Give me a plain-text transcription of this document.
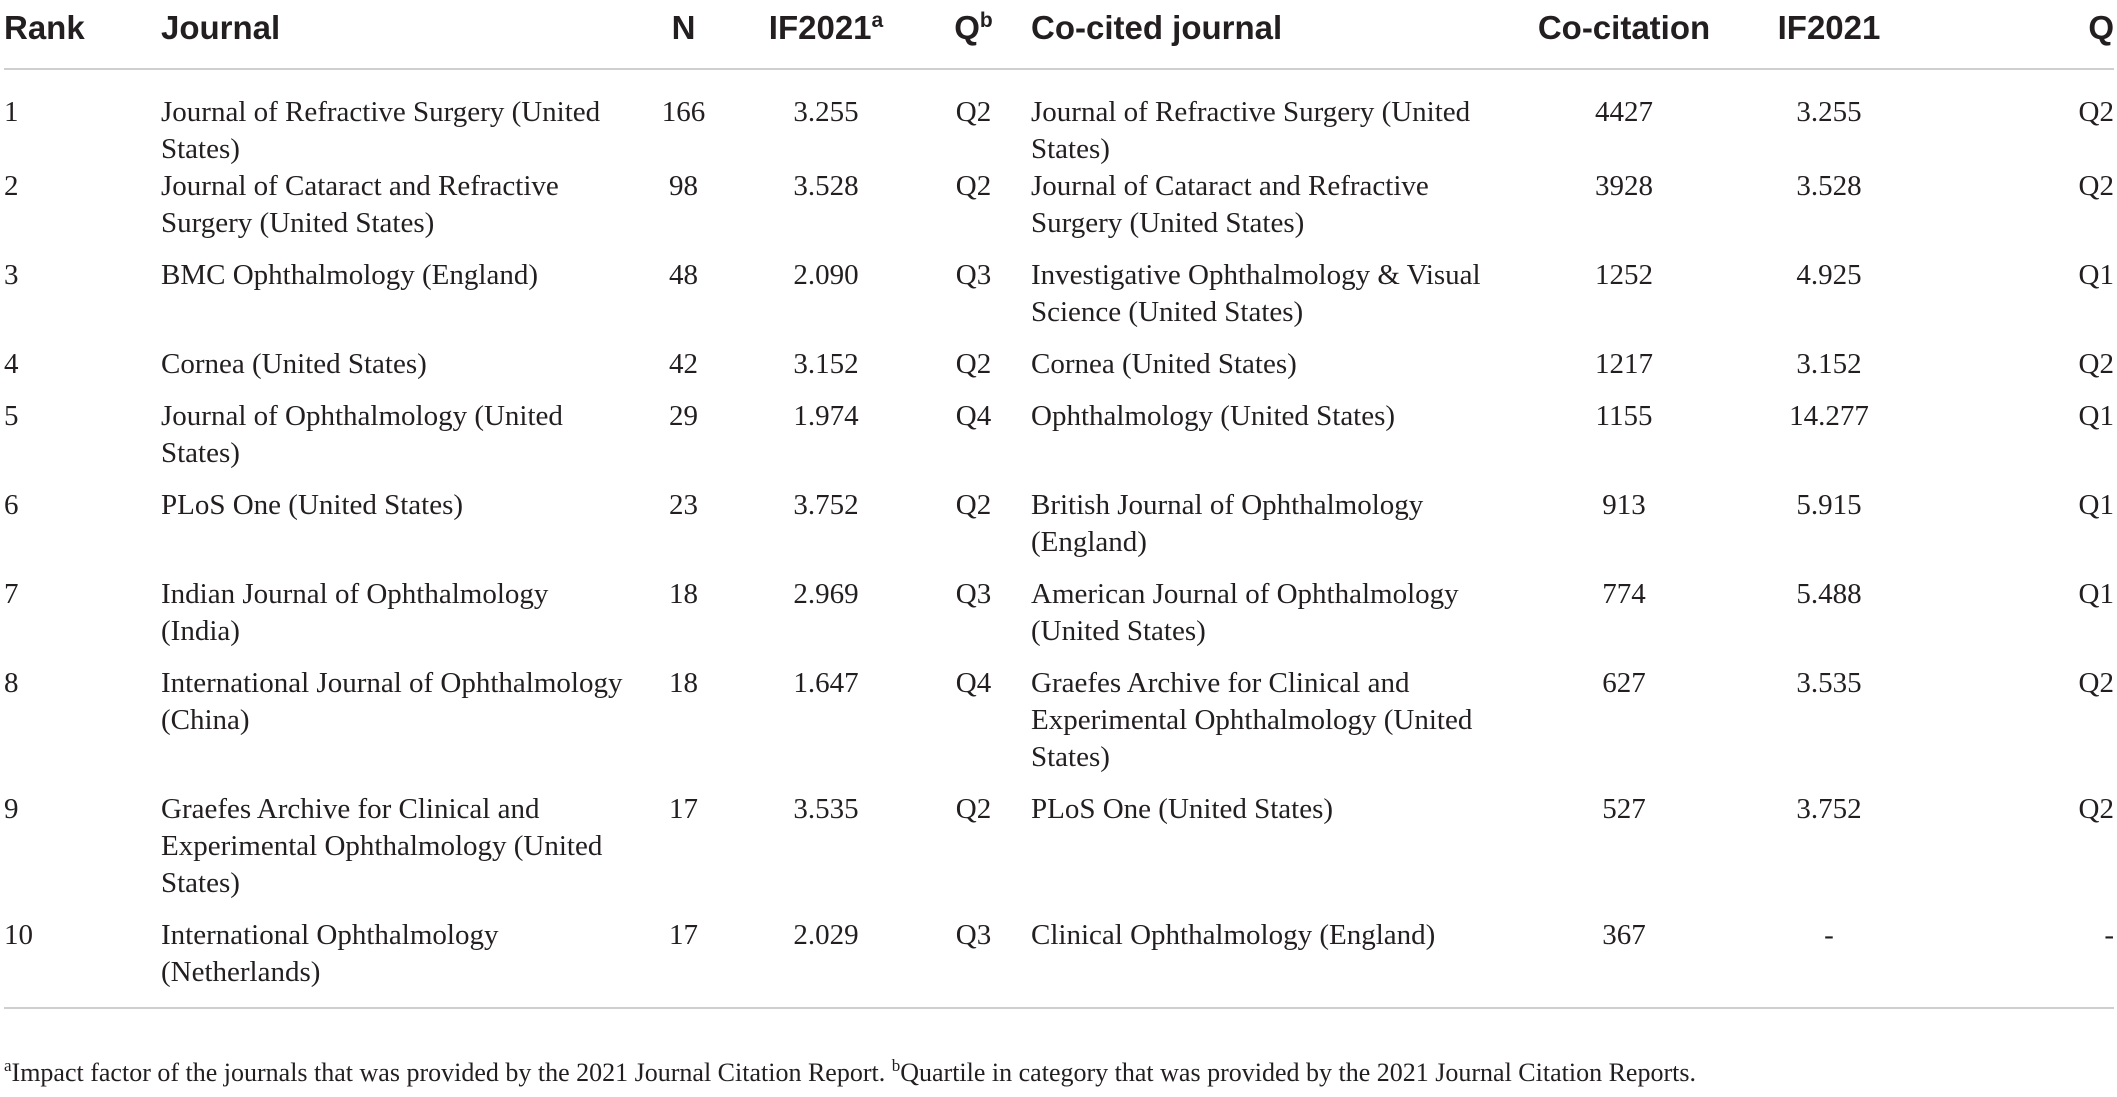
Rank	Journal	N	IF2021$^a$	$Q^b$	Co-cited journal	Co-citation	IF2021	Q
1	Journal of Refractive Surgery (United States)	166	3.255	Q2	Journal of Refractive Surgery (United States)	4427	3.255	Q2
2	Journal of Cataract and Refractive Surgery (United States)	98	3.528	Q2	Journal of Cataract and Refractive Surgery (United States)	3928	3.528	Q2
3	BMC Ophthalmology (England)	48	2.090	Q3	Investigative Ophthalmology & Visual Science (United States)	1252	4.925	Q1
4	Cornea (United States)	42	3.152	Q2	Cornea (United States)	1217	3.152	Q2
5	Journal of Ophthalmology (United States)	29	1.974	Q4	Ophthalmology (United States)	1155	14.277	Q1
6	PLoS One (United States)	23	3.752	Q2	British Journal of Ophthalmology (England)	913	5.915	Q1
7	Indian Journal of Ophthalmology (India)	18	2.969	Q3	American Journal of Ophthalmology (United States)	774	5.488	Q1
8	International Journal of Ophthalmology (China)	18	1.647	Q4	Graefes Archive for Clinical and Experimental Ophthalmology (United States)	627	3.535	Q2
9	Graefes Archive for Clinical and Experimental Ophthalmology (United States)	17	3.535	Q2	PLoS One (United States)	527	3.752	Q2
10	International Ophthalmology (Netherlands)	17	2.029	Q3	Clinical Ophthalmology (England)	367	-	-

$^a$Impact factor of the journals that was provided by the 2021 Journal Citation Report. $^b$Quartile in category that was provided by the 2021 Journal Citation Reports.
